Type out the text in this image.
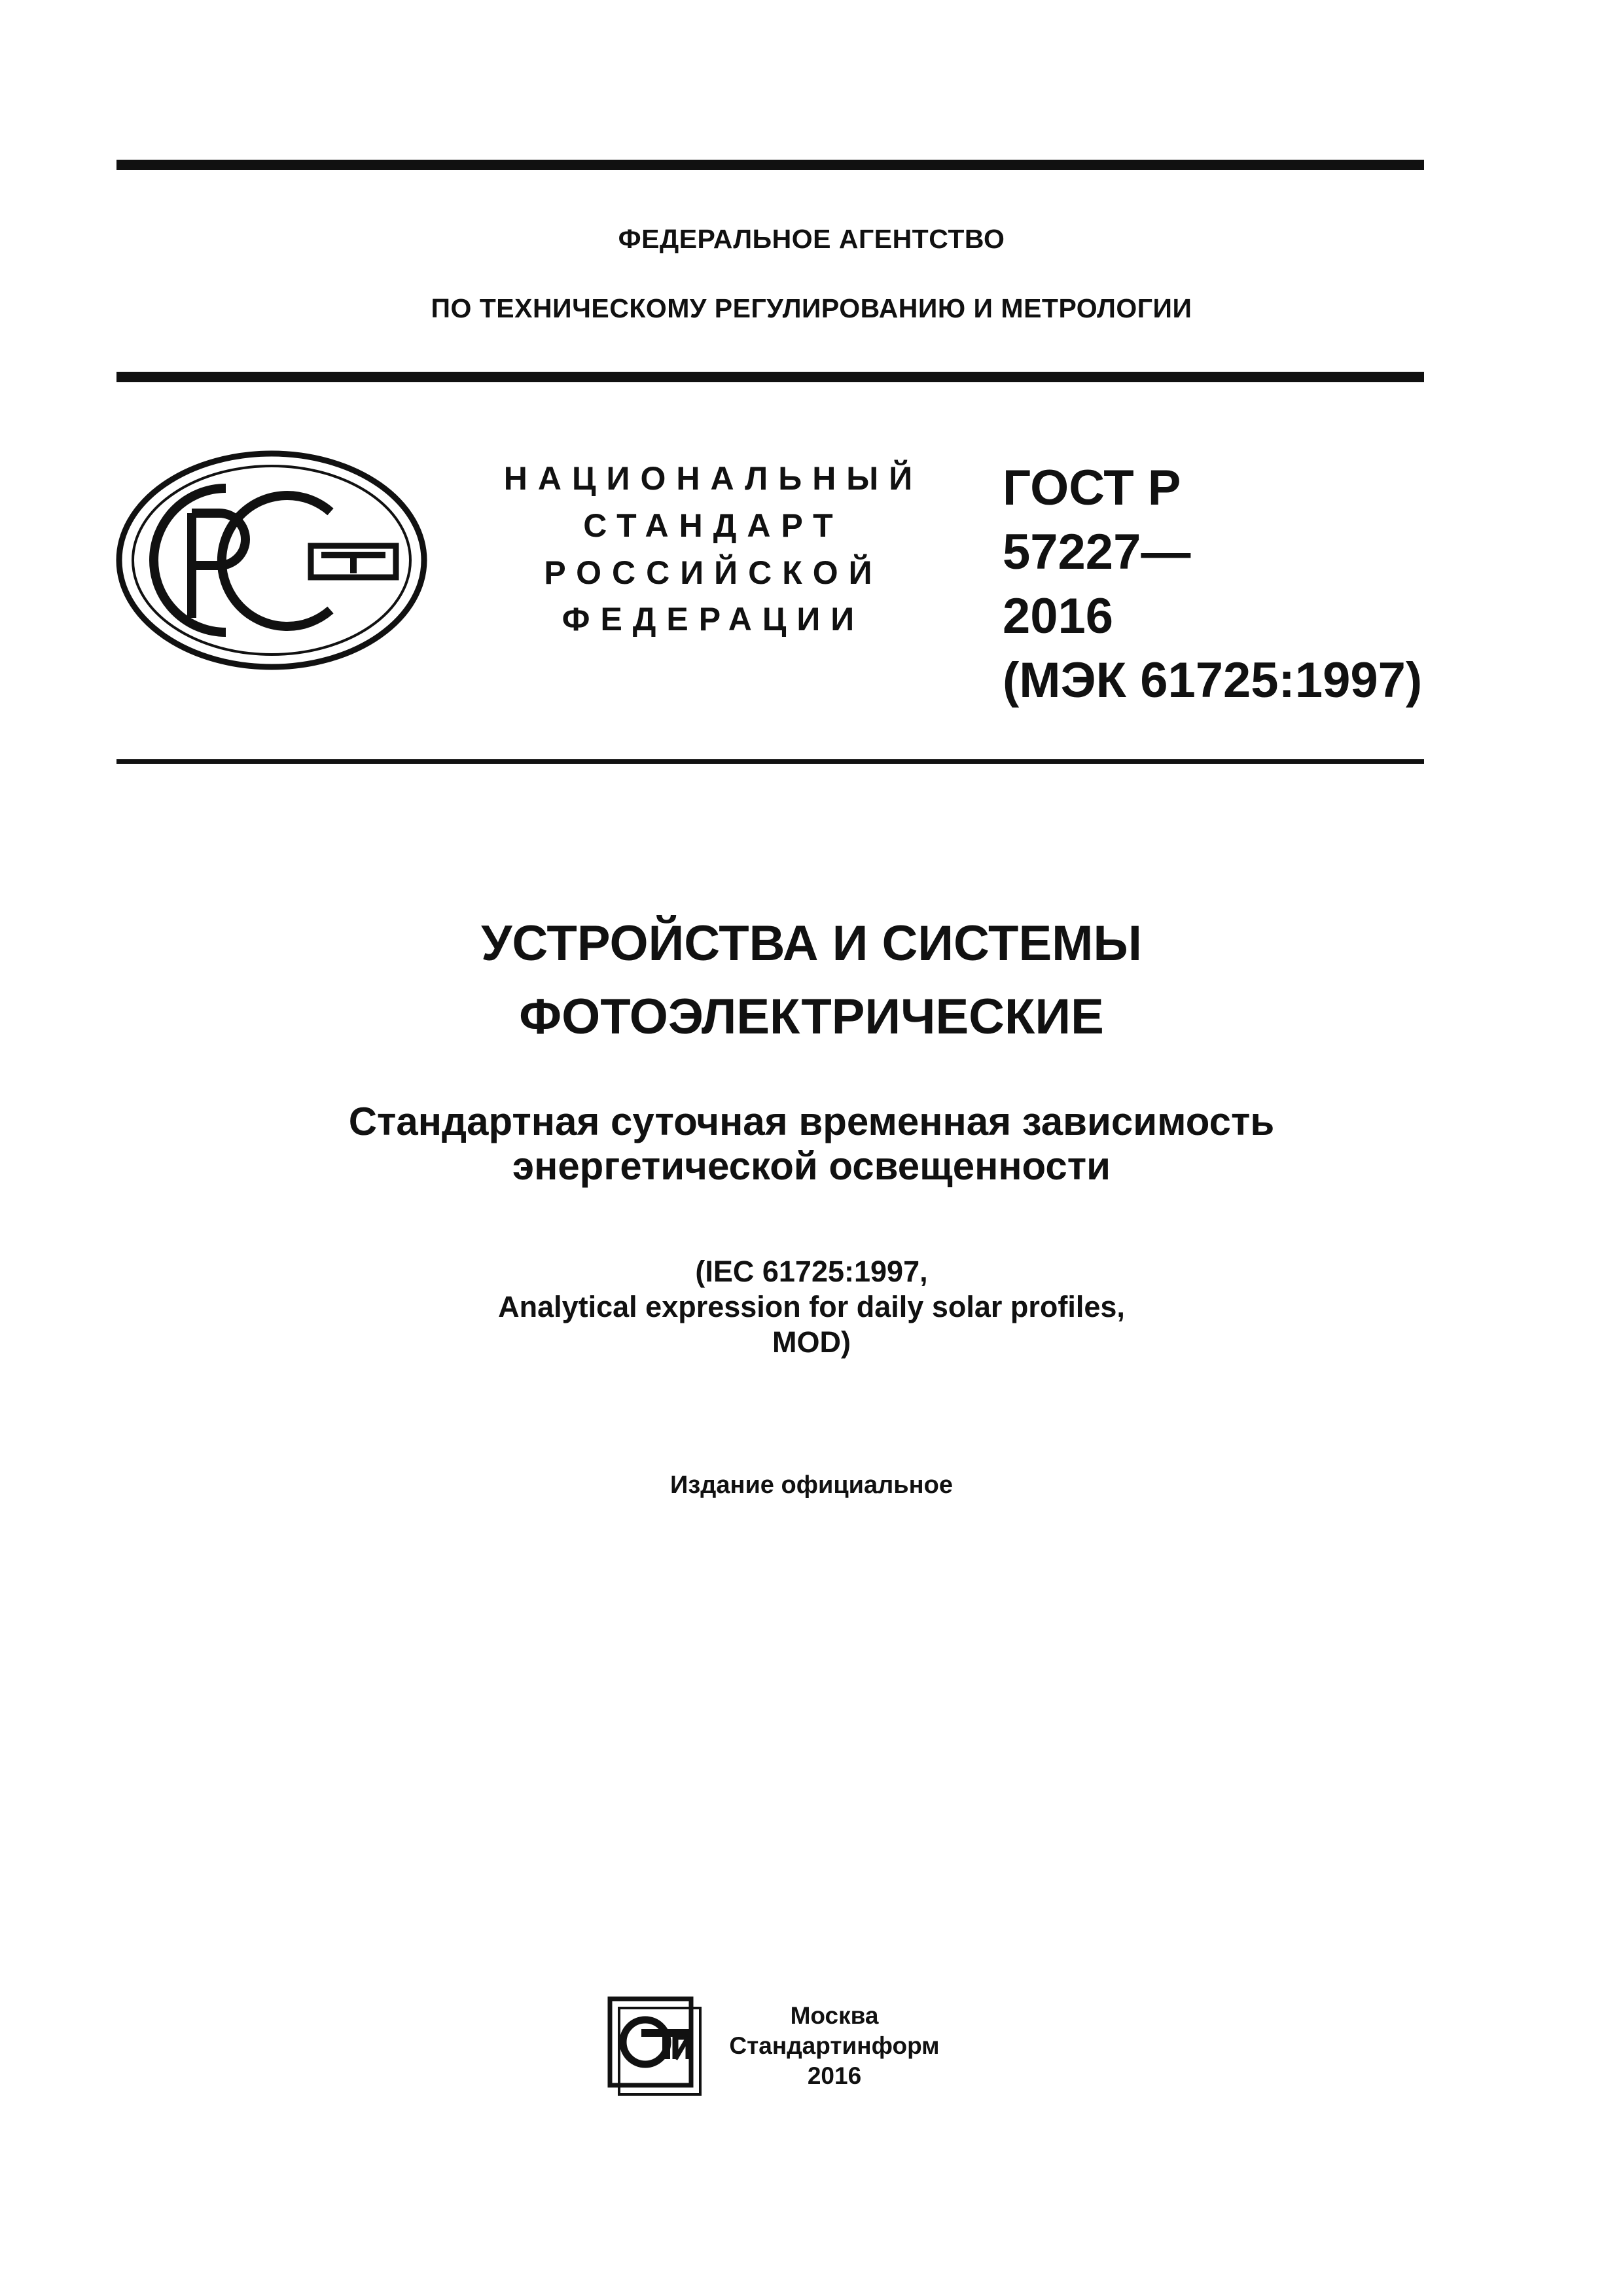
ФЕДЕРАЛЬНОЕ АГЕНТСТВО
ПО ТЕХНИЧЕСКОМУ РЕГУЛИРОВАНИЮ И МЕТРОЛОГИИ
НАЦИОНАЛЬНЫЙ
СТАНДАРТ
РОССИЙСКОЙ
ФЕДЕРАЦИИ
ГОСТ Р
57227—
2016
(МЭК 61725:1997)
УСТРОЙСТВА И СИСТЕМЫ
ФОТОЭЛЕКТРИЧЕСКИЕ
Стандартная суточная временная зависимость
энергетической освещенности
(IEC 61725:1997,
Analytical expression for daily solar profiles,
MOD)
Издание официальное
Москва
Стандартинформ
2016
